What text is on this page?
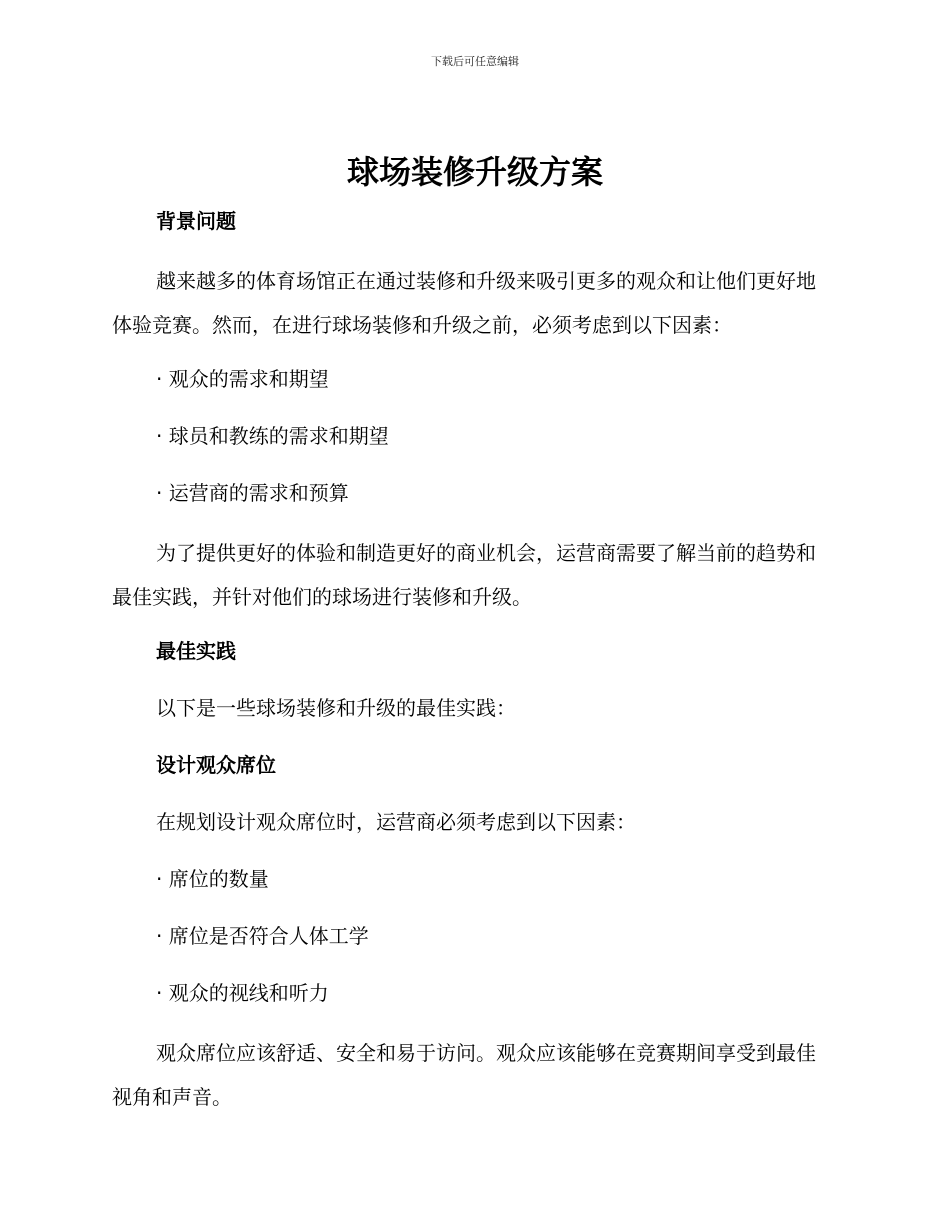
下载后可任意编辑
球场装修升级方案
背景问题
越来越多的体育场馆正在通过装修和升级来吸引更多的观众和让他们更好地体验竞赛。然而，在进行球场装修和升级之前，必须考虑到以下因素：
· 观众的需求和期望
· 球员和教练的需求和期望
· 运营商的需求和预算
为了提供更好的体验和制造更好的商业机会，运营商需要了解当前的趋势和最佳实践，并针对他们的球场进行装修和升级。
最佳实践
以下是一些球场装修和升级的最佳实践：
设计观众席位
在规划设计观众席位时，运营商必须考虑到以下因素：
· 席位的数量
· 席位是否符合人体工学
· 观众的视线和听力
观众席位应该舒适、安全和易于访问。观众应该能够在竞赛期间享受到最佳视角和声音。
